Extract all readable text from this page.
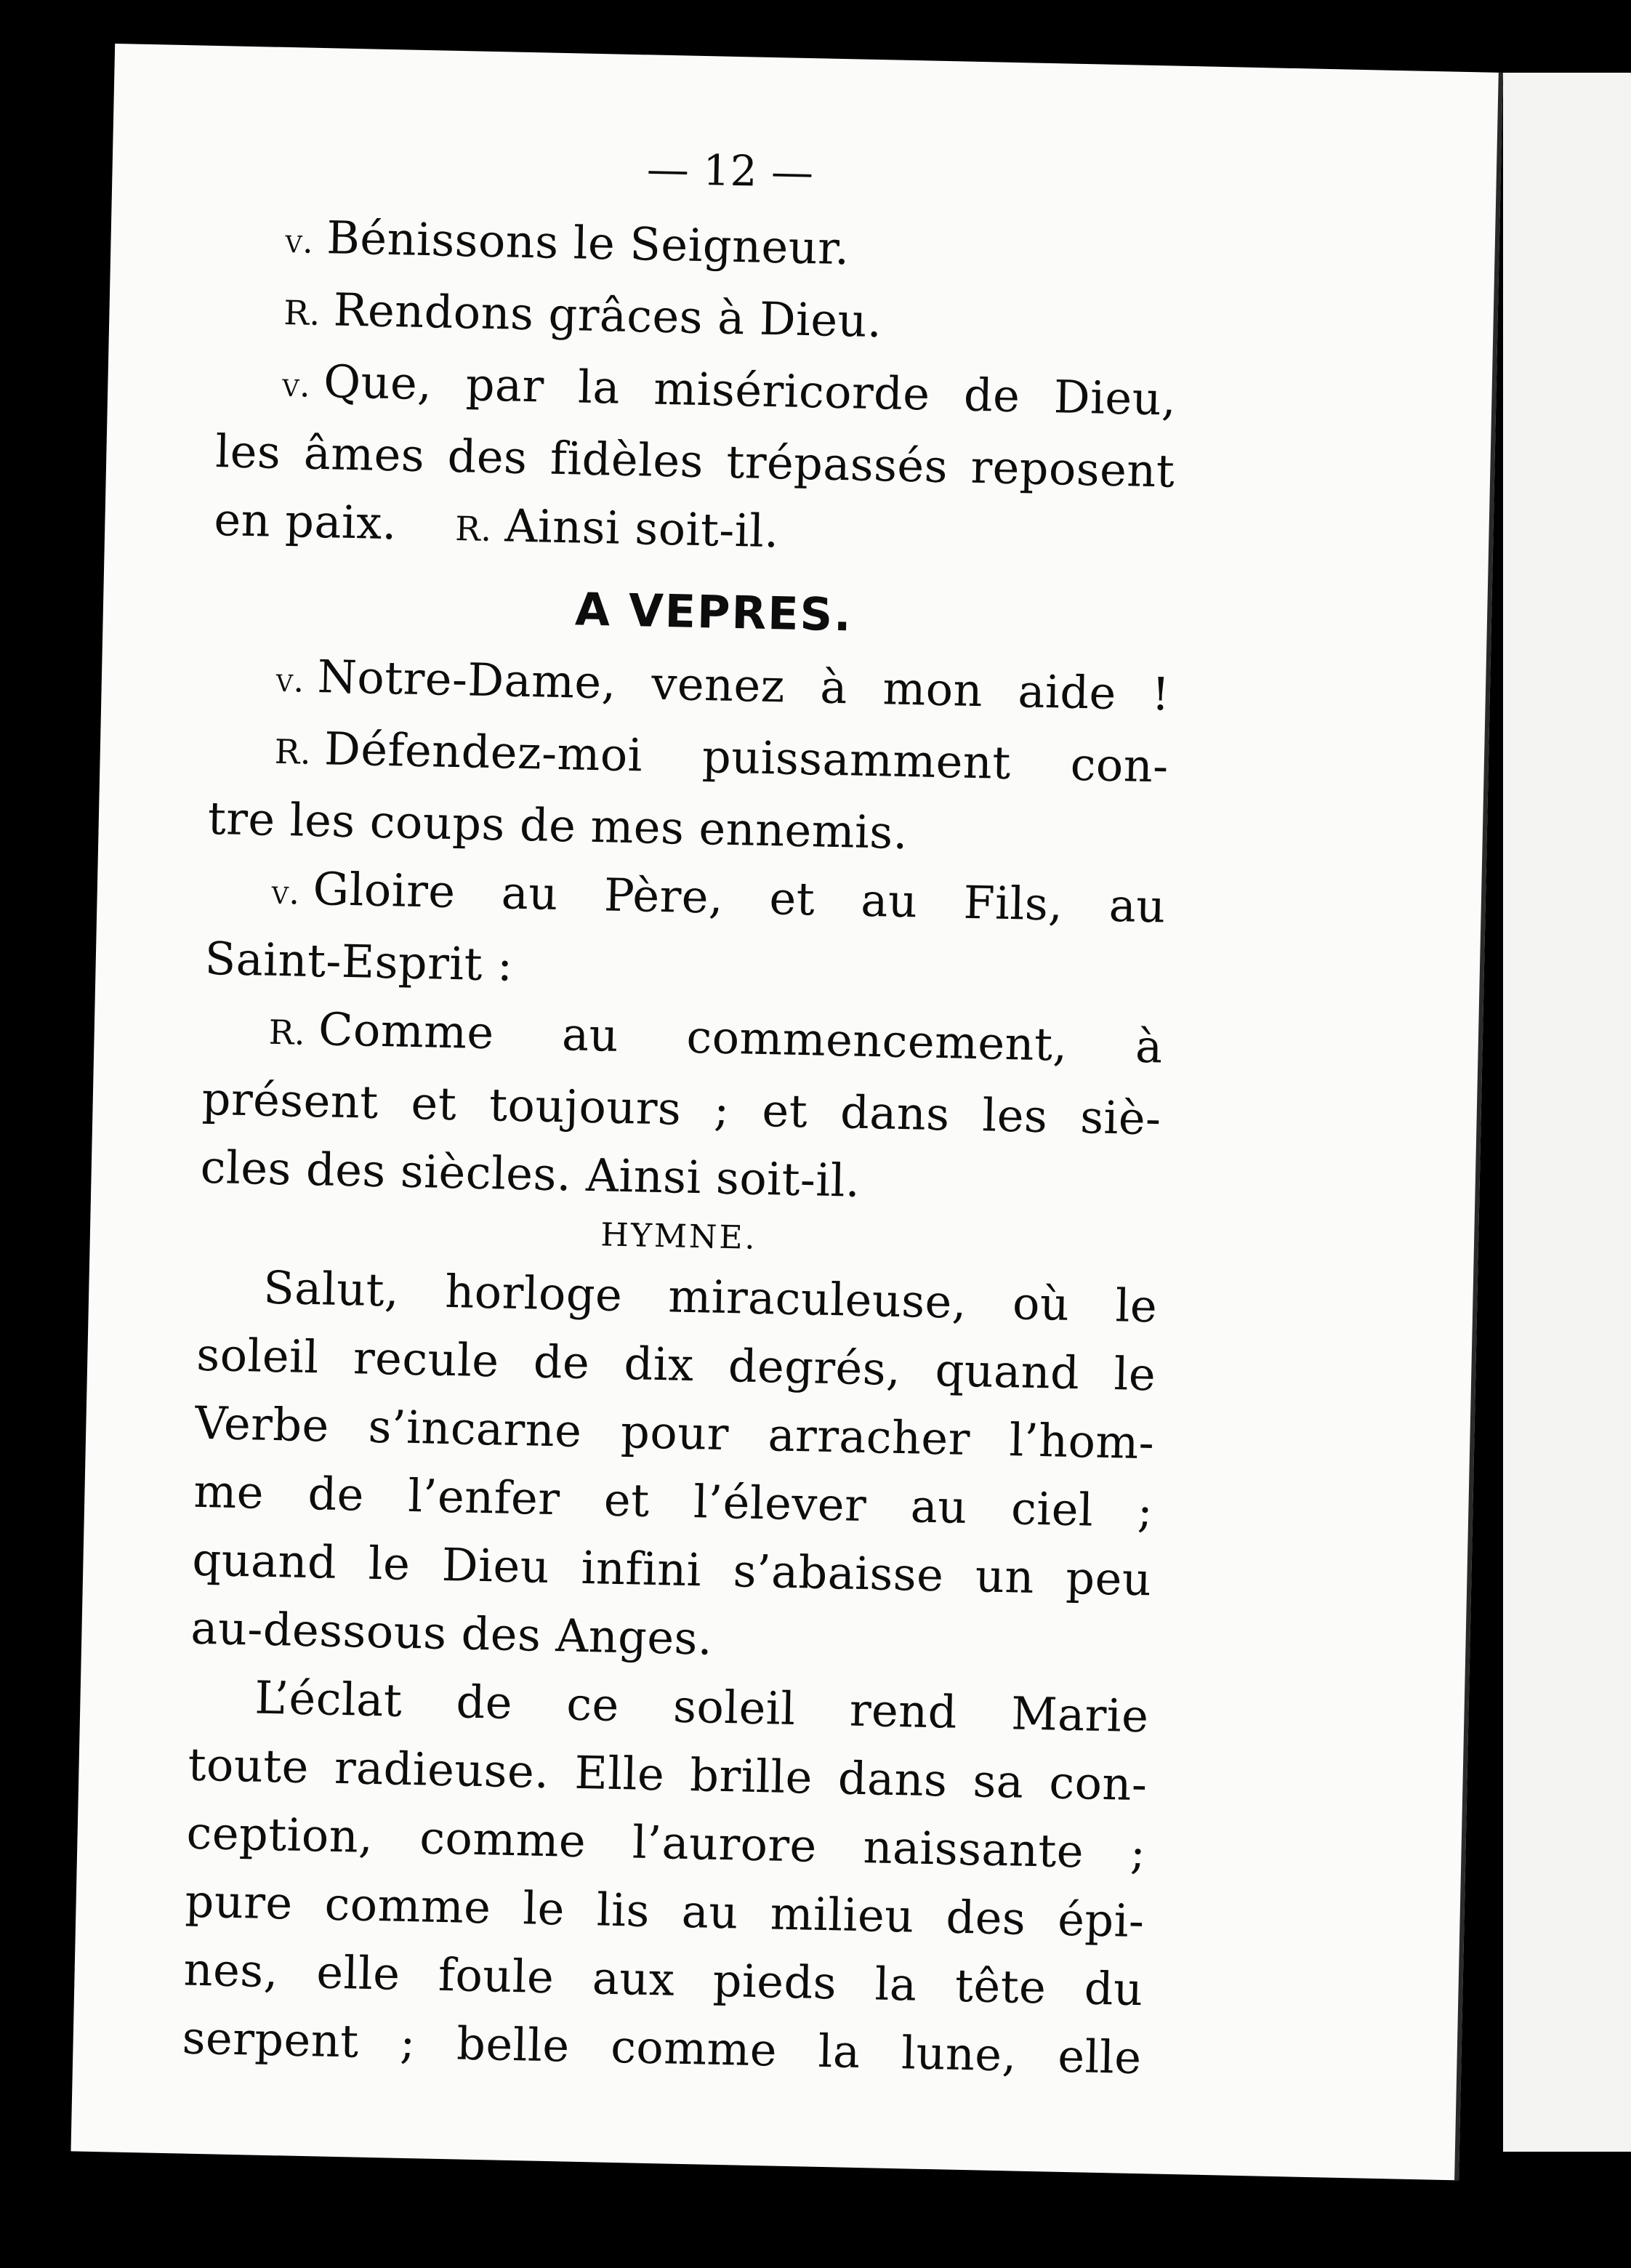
— 12 —
v. Bénissons le Seigneur.
R. Rendons grâces à Dieu.
v. Que, par la miséricorde de Dieu,
les âmes des fidèles trépassés reposent
en paix. R. Ainsi soit-il.
A VEPRES.
v. Notre-Dame, venez à mon aide !
R. Défendez-moi puissamment con-
tre les coups de mes ennemis.
v. Gloire au Père, et au Fils, au
Saint-Esprit :
R. Comme au commencement, à
présent et toujours ; et dans les siè-
cles des siècles. Ainsi soit-il.
HYMNE.
Salut, horloge miraculeuse, où le
soleil recule de dix degrés, quand le
Verbe s’incarne pour arracher l’hom-
me de l’enfer et l’élever au ciel ;
quand le Dieu infini s’abaisse un peu
au-dessous des Anges.
L’éclat de ce soleil rend Marie
toute radieuse. Elle brille dans sa con-
ception, comme l’aurore naissante ;
pure comme le lis au milieu des épi-
nes, elle foule aux pieds la tête du
serpent ; belle comme la lune, elle
